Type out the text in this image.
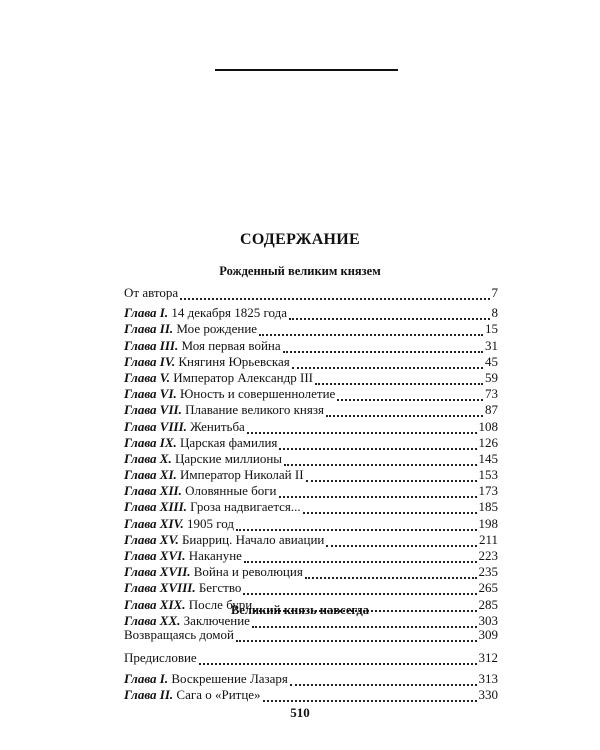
СОДЕРЖАНИЕ
Рожденный великим князем
От автора	7
Глава I. 14 декабря 1825 года	8
Глава II. Мое рождение	15
Глава III. Моя первая война	31
Глава IV. Княгиня Юрьевская	45
Глава V. Император Александр III	59
Глава VI. Юность и совершеннолетие	73
Глава VII. Плавание великого князя	87
Глава VIII. Женитьба	108
Глава IX. Царская фамилия	126
Глава X. Царские миллионы	145
Глава XI. Император Николай II	153
Глава XII. Оловянные боги	173
Глава XIII. Гроза надвигается...	185
Глава XIV. 1905 год	198
Глава XV. Биарриц. Начало авиации	211
Глава XVI. Накануне	223
Глава XVII. Война и революция	235
Глава XVIII. Бегство	265
Глава XIX. После бури	285
Глава XX. Заключение	303
Великий князь навсегда
Возвращаясь домой	309
Предисловие	312
Глава I. Воскрешение Лазаря	313
Глава II. Сага о «Ритце»	330
510
